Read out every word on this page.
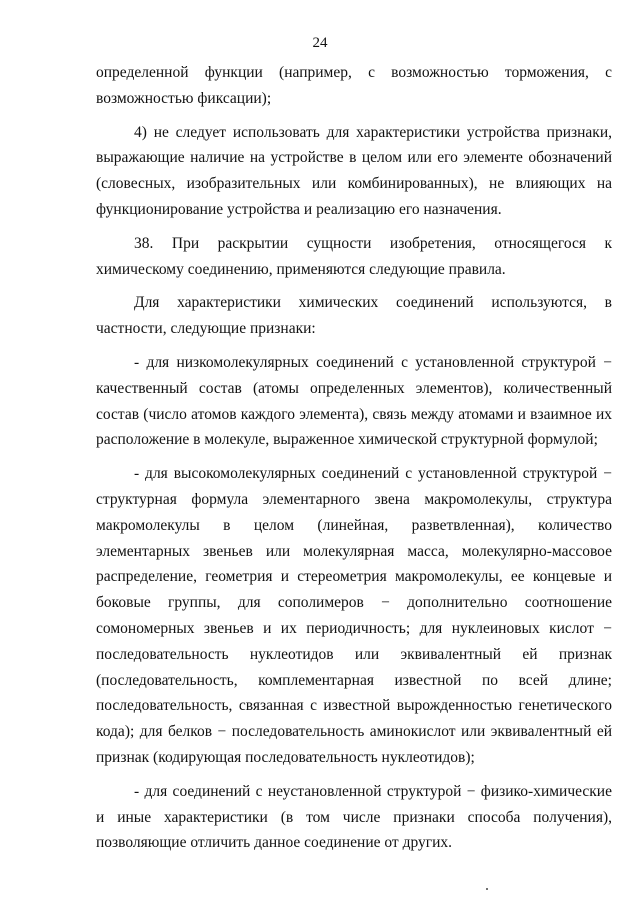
24

определенной функции (например, с возможностью торможения, с возможностью фиксации);

4) не следует использовать для характеристики устройства признаки, выражающие наличие на устройстве в целом или его элементе обозначений (словесных, изобразительных или комбинированных), не влияющих на функционирование устройства и реализацию его назначения.

38. При раскрытии сущности изобретения, относящегося к химическому соединению, применяются следующие правила.

Для характеристики химических соединений используются, в частности, следующие признаки:

- для низкомолекулярных соединений с установленной структурой − качественный состав (атомы определенных элементов), количественный состав (число атомов каждого элемента), связь между атомами и взаимное их расположение в молекуле, выраженное химической структурной формулой;

- для высокомолекулярных соединений с установленной структурой − структурная формула элементарного звена макромолекулы, структура макромолекулы в целом (линейная, разветвленная), количество элементарных звеньев или молекулярная масса, молекулярно-массовое распределение, геометрия и стереометрия макромолекулы, ее концевые и боковые группы, для сополимеров − дополнительно соотношение сомономерных звеньев и их периодичность; для нуклеиновых кислот − последовательность нуклеотидов или эквивалентный ей признак (последовательность, комплементарная известной по всей длине; последовательность, связанная с известной вырожденностью генетического кода); для белков − последовательность аминокислот или эквивалентный ей признак (кодирующая последовательность нуклеотидов);

- для соединений с неустановленной структурой − физико-химические и иные характеристики (в том числе признаки способа получения), позволяющие отличить данное соединение от других.
